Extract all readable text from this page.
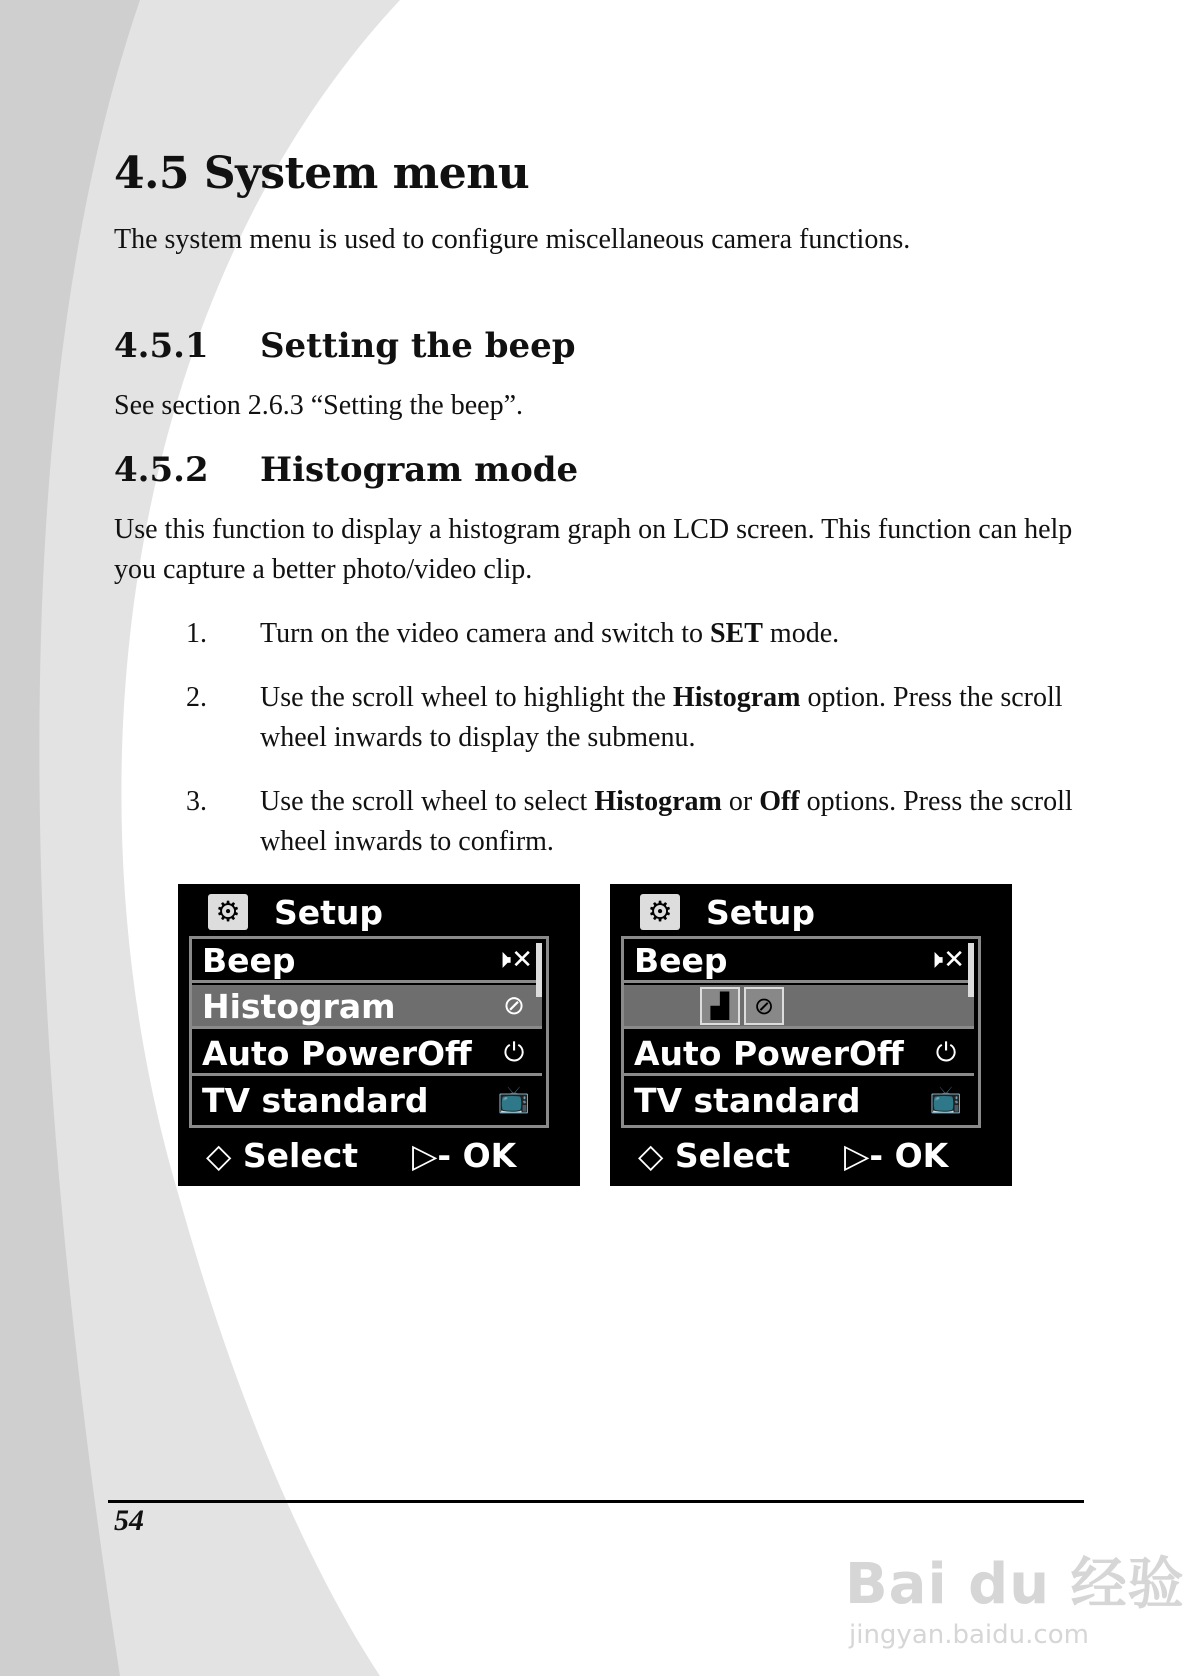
4.5 System menu

The system menu is used to configure miscellaneous camera functions.

4.5.1 Setting the beep

See section 2.6.3 “Setting the beep”.

4.5.2 Histogram mode

Use this function to display a histogram graph on LCD screen. This function can help you capture a better photo/video clip.

1.	Turn on the video camera and switch to SET mode.
2.	Use the scroll wheel to highlight the Histogram option. Press the scroll wheel inwards to display the submenu.
3.	Use the scroll wheel to select Histogram or Off options. Press the scroll wheel inwards to confirm.
⚙ Setup
Beep	🕨✕
Histogram	⊘
Auto PowerOff	⏻
TV standard	📺
◇ Select ▷- OK
⚙ Setup
Beep	🕨✕
▟	⊘
Auto PowerOff	⏻
TV standard	📺
◇ Select ▷- OK
54
Bai du 经验
jingyan.baidu.com
